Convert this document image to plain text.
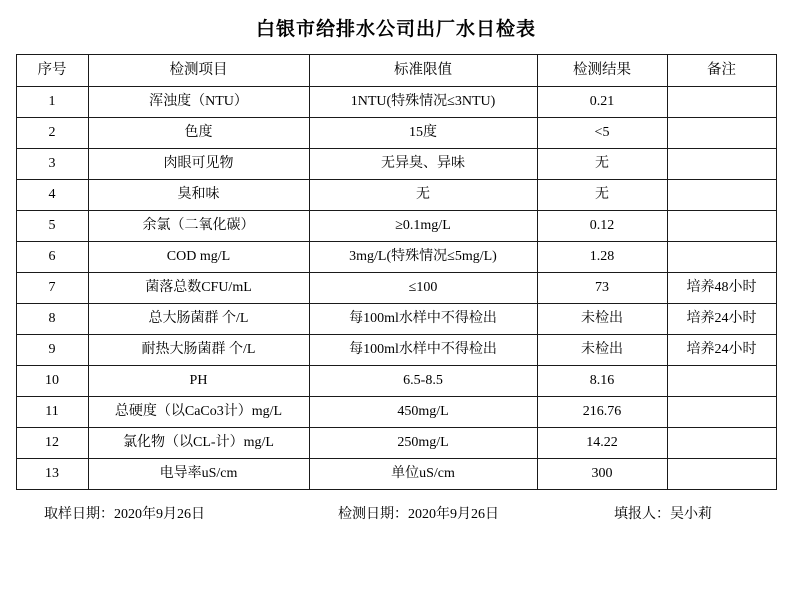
白银市给排水公司出厂水日检表
序号	检测项目	标准限值	检测结果	备注
1	浑浊度（NTU）	1NTU(特殊情况≤3NTU)	0.21	
2	色度	15度	<5	
3	肉眼可见物	无异臭、异味	无	
4	臭和味	无	无	
5	余氯（二氧化碳）	≥0.1mg/L	0.12	
6	COD mg/L	3mg/L(特殊情况≤5mg/L)	1.28	
7	菌落总数CFU/mL	≤100	73	培养48小时
8	总大肠菌群 个/L	每100ml水样中不得检出	未检出	培养24小时
9	耐热大肠菌群 个/L	每100ml水样中不得检出	未检出	培养24小时
10	PH	6.5-8.5	8.16	
11	总硬度（以CaCo3计）mg/L	450mg/L	216.76	
12	氯化物（以CL-计）mg/L	250mg/L	14.22	
13	电导率uS/cm	单位uS/cm	300	
取样日期：2020年9月26日	检测日期：2020年9月26日	填报人：吴小莉
